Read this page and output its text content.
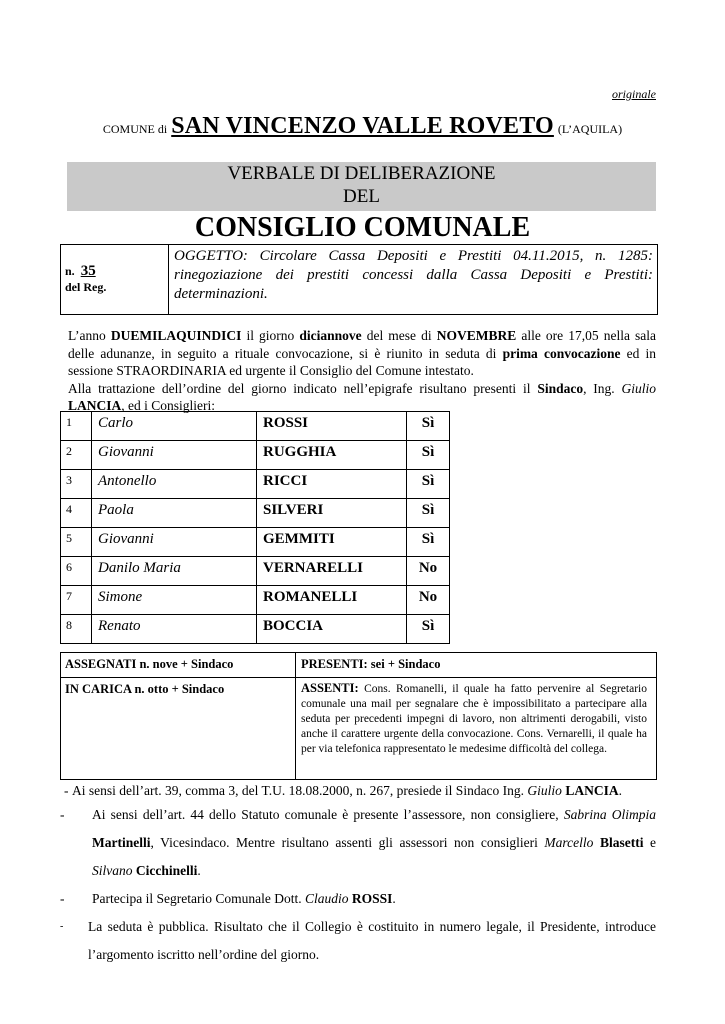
originale
COMUNE di SAN VINCENZO VALLE ROVETO (L’AQUILA)
VERBALE DI DELIBERAZIONE
DEL
CONSIGLIO COMUNALE
n. 35
del Reg.
OGGETTO: Circolare Cassa Depositi e Prestiti 04.11.2015, n. 1285: rinegoziazione dei prestiti concessi dalla Cassa Depositi e Prestiti: determinazioni.

L’anno DUEMILAQUINDICI il giorno diciannove del mese di NOVEMBRE alle ore 17,05 nella sala delle adunanze, in seguito a rituale convocazione, si è riunito in seduta di prima convocazione ed in sessione STRAORDINARIA ed urgente il Consiglio del Comune intestato.

Alla trattazione dell’ordine del giorno indicato nell’epigrafe risultano presenti il Sindaco, Ing. Giulio LANCIA, ed i Consiglieri:

1	Carlo	ROSSI	Sì
2	Giovanni	RUGGHIA	Sì
3	Antonello	RICCI	Sì
4	Paola	SILVERI	Sì
5	Giovanni	GEMMITI	Sì
6	Danilo Maria	VERNARELLI	No
7	Simone	ROMANELLI	No
8	Renato	BOCCIA	Sì
ASSEGNATI n. nove + Sindaco	PRESENTI: sei + Sindaco
IN CARICA n. otto + Sindaco	ASSENTI: Cons. Romanelli, il quale ha fatto pervenire al Segretario comunale una mail per segnalare che è impossibilitato a partecipare alla seduta per precedenti impegni di lavoro, non altrimenti derogabili, visto anche il carattere urgente della convocazione. Cons. Vernarelli, il quale ha per via telefonica rappresentato le medesime difficoltà del collega.

- Ai sensi dell’art. 39, comma 3, del T.U. 18.08.2000, n. 267, presiede il Sindaco Ing. Giulio LANCIA.

- Ai sensi dell’art. 44 dello Statuto comunale è presente l’assessore, non consigliere, Sabrina Olimpia Martinelli, Vicesindaco. Mentre risultano assenti gli assessori non consiglieri Marcello Blasetti e Silvano Cicchinelli.

- Partecipa il Segretario Comunale Dott. Claudio ROSSI.

- La seduta è pubblica. Risultato che il Collegio è costituito in numero legale, il Presidente, introduce l’argomento iscritto nell’ordine del giorno.
